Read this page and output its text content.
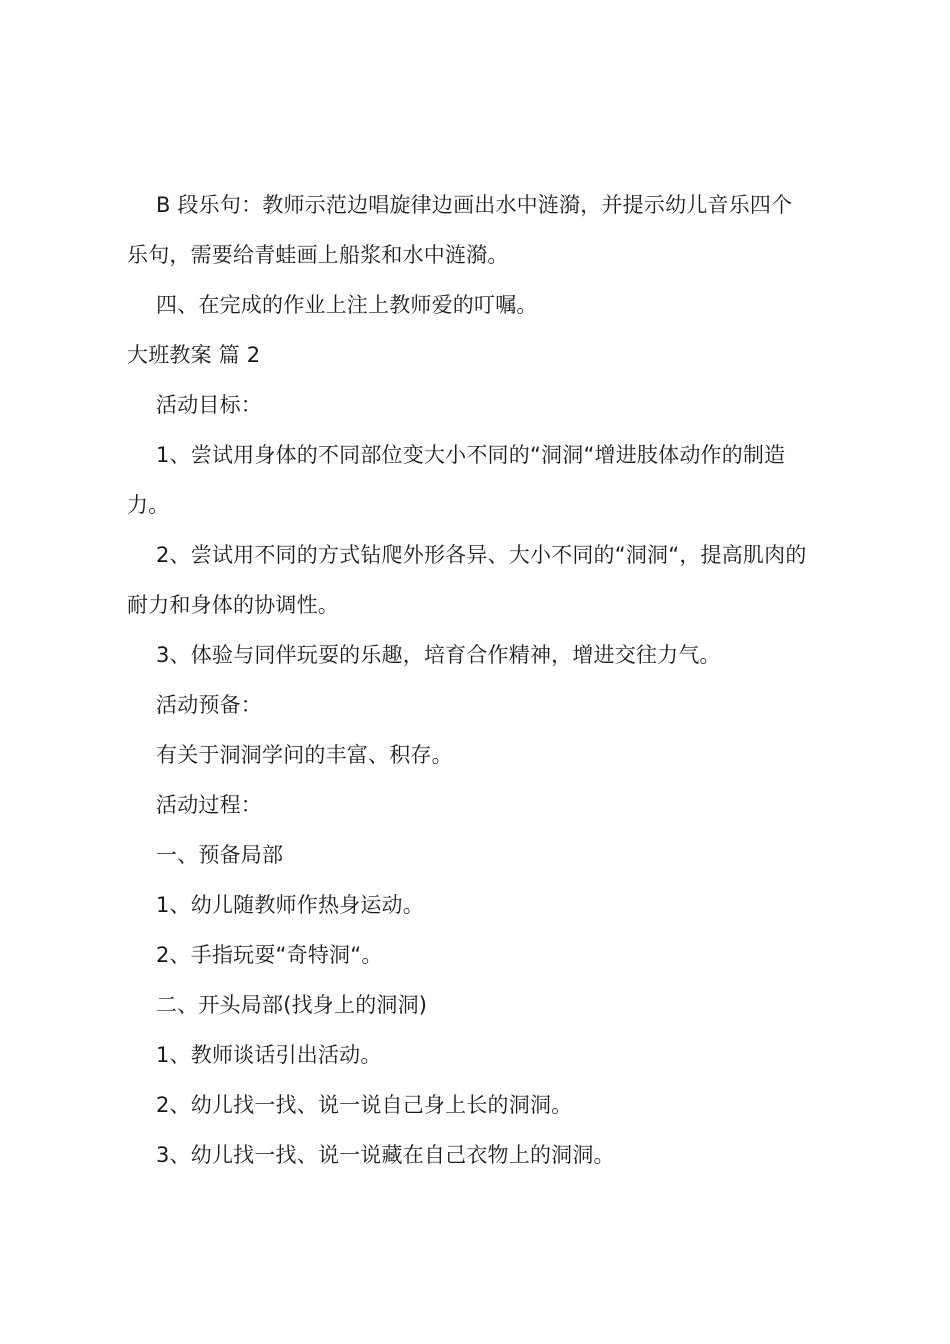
B 段乐句：教师示范边唱旋律边画出水中涟漪，并提示幼儿音乐四个

乐句，需要给青蛙画上船浆和水中涟漪。

四、在完成的作业上注上教师爱的叮嘱。

大班教案 篇 2

活动目标：

1、尝试用身体的不同部位变大小不同的“洞洞“增进肢体动作的制造

力。

2、尝试用不同的方式钻爬外形各异、大小不同的“洞洞“，提高肌肉的

耐力和身体的协调性。

3、体验与同伴玩耍的乐趣，培育合作精神，增进交往力气。

活动预备：

有关于洞洞学问的丰富、积存。

活动过程：

一、预备局部

1、幼儿随教师作热身运动。

2、手指玩耍“奇特洞“。

二、开头局部(找身上的洞洞)

1、教师谈话引出活动。

2、幼儿找一找、说一说自己身上长的洞洞。

3、幼儿找一找、说一说藏在自己衣物上的洞洞。
